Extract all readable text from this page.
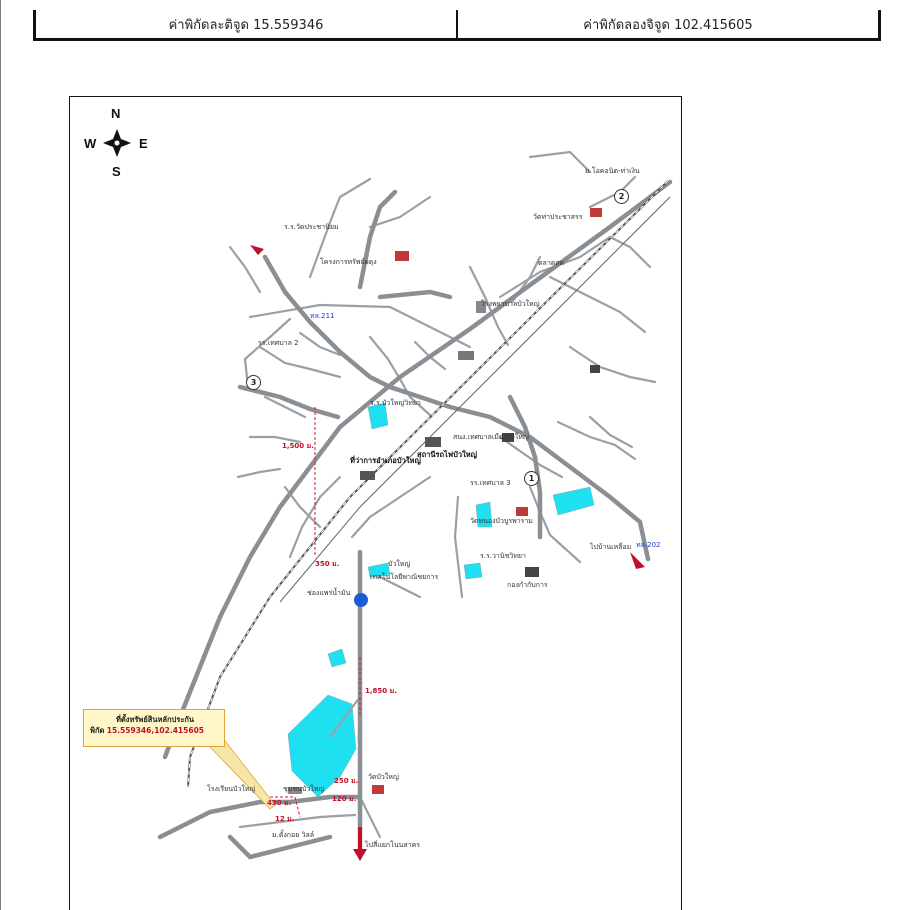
ค่าพิกัดละติจูด 15.559346	ค่าพิกัดลองจิจูด 102.415605
N
S
W	E
1
2
3
ม.โอคอนิต-ท่าเงิน
วัดท่าประชาสรร
ร.ร.วัดประชานิยม
โครงการทรัพย์ผดุง	ตลาดสด
โรงพยาบาลบัวใหญ่
รร.เทศบาล 2
ร.ร.บัวใหญ่วิทยา
สนง.เทศบาลเมืองบัวใหญ่
ที่ว่าการอำเภอบัวใหญ่
สถานีรถไฟบัวใหญ่
รร.เทศบาล 3
วัดหนองบัวบูรพาราม
ร.ร.วานิชวิทยา
กองกำกับการ
บัวใหญ่
เทคโนโลยีพาณิชยการ
ช่องแพร่น้ำมัน
วัดบัวใหญ่
โรงเรียนบัวใหญ่	ชุมชนบัวใหญ่
ม.ตั้งกอย วิลล์
ไปสี่แยกโนนสาคร
ไปบ้านเหลื่อม
ทล.211
ทล.202
1,500 ม.
350 ม.
1,850 ม.
250 ม.
430 ม.	120 ม.
12 ม.
ที่ตั้งทรัพย์สินหลักประกัน
พิกัด 15.559346,102.415605
